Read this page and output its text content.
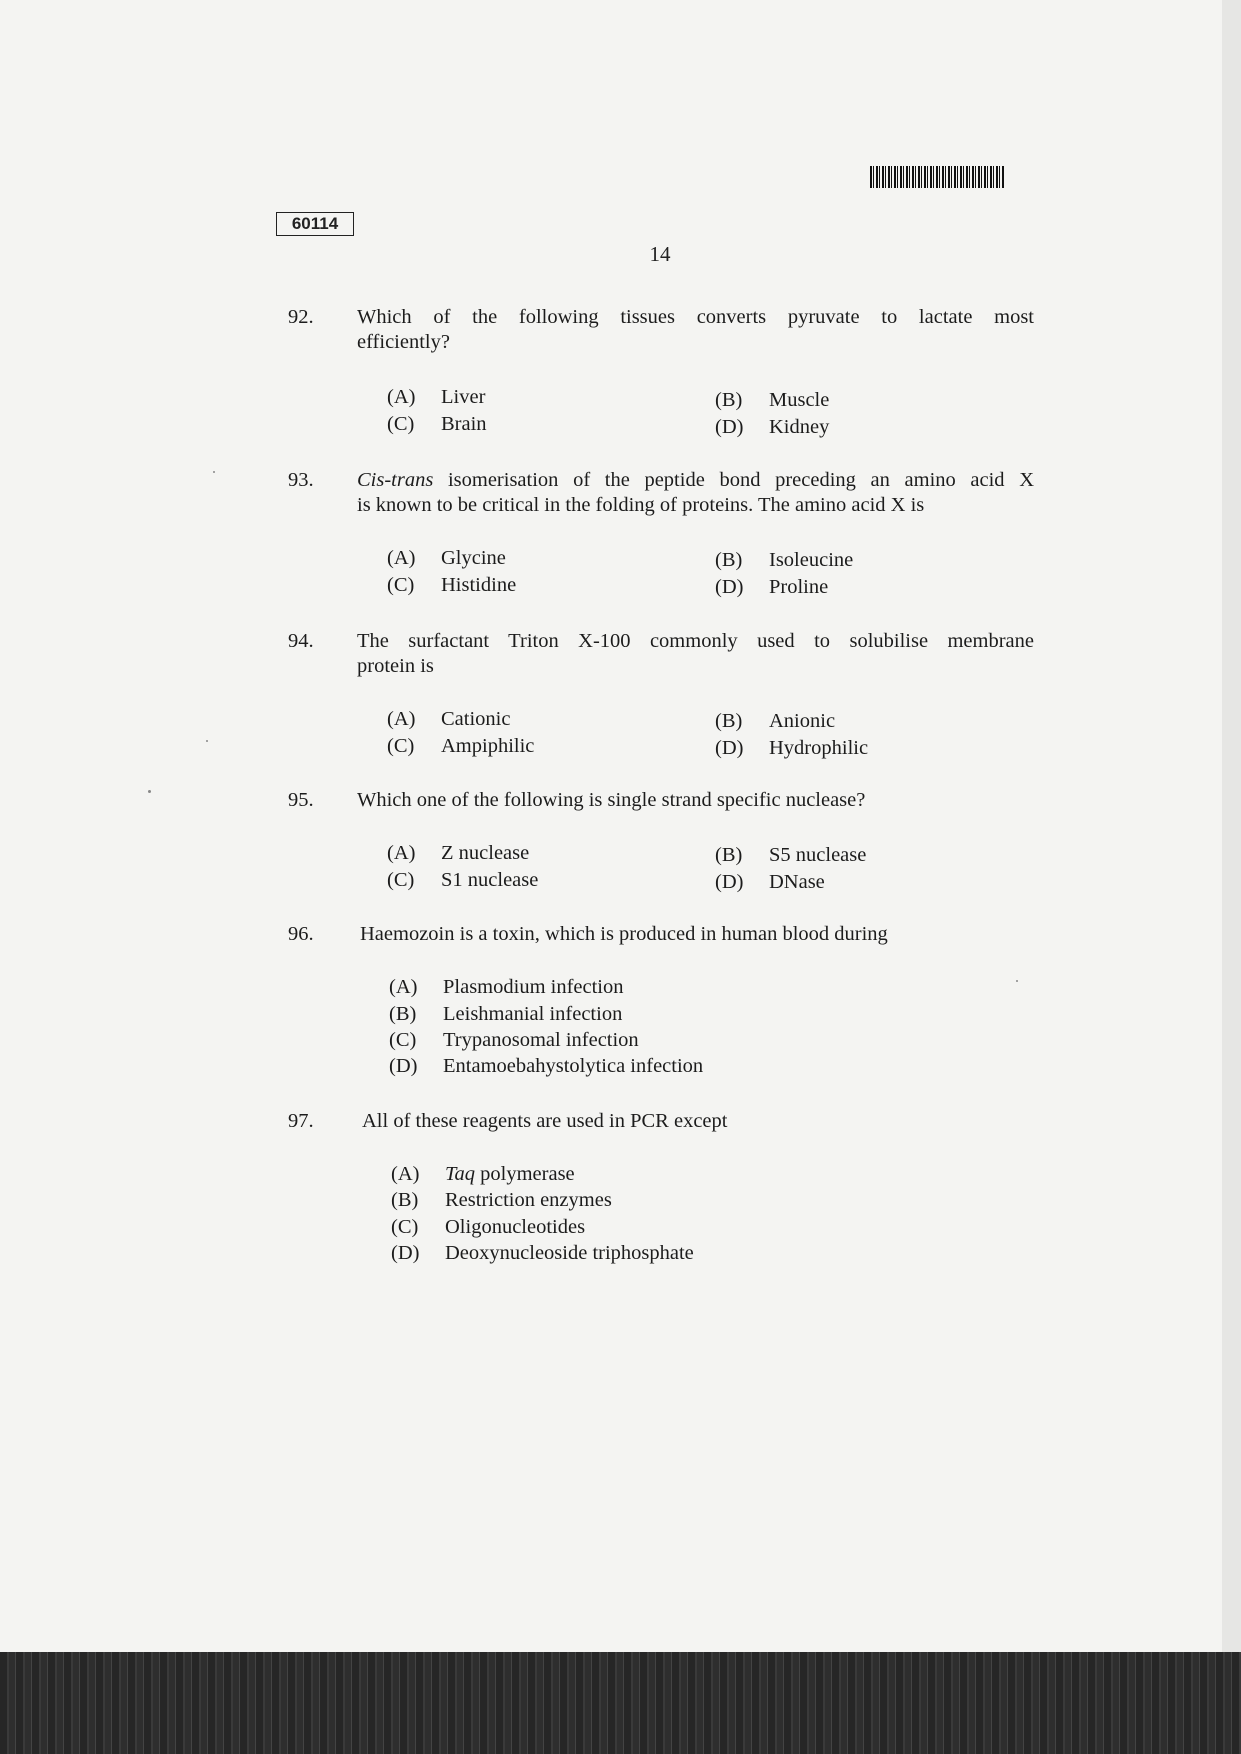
60114
14
92. Which of the following tissues converts pyruvate to lactate most
efficiently?
(A) Liver	(B) Muscle
(C) Brain	(D) Kidney
93. Cis-trans isomerisation of the peptide bond preceding an amino acid X
is known to be critical in the folding of proteins. The amino acid X is
(A) Glycine	(B) Isoleucine
(C) Histidine	(D) Proline
94. The surfactant Triton X-100 commonly used to solubilise membrane
protein is
(A) Cationic	(B) Anionic
(C) Ampiphilic	(D) Hydrophilic
95. Which one of the following is single strand specific nuclease?
(A) Z nuclease	(B) S5 nuclease
(C) S1 nuclease	(D) DNase
96. Haemozoin is a toxin, which is produced in human blood during
(A) Plasmodium infection
(B) Leishmanial infection
(C) Trypanosomal infection
(D) Entamoebahystolytica infection
97. All of these reagents are used in PCR except
(A) Taq polymerase
(B) Restriction enzymes
(C) Oligonucleotides
(D) Deoxynucleoside triphosphate
